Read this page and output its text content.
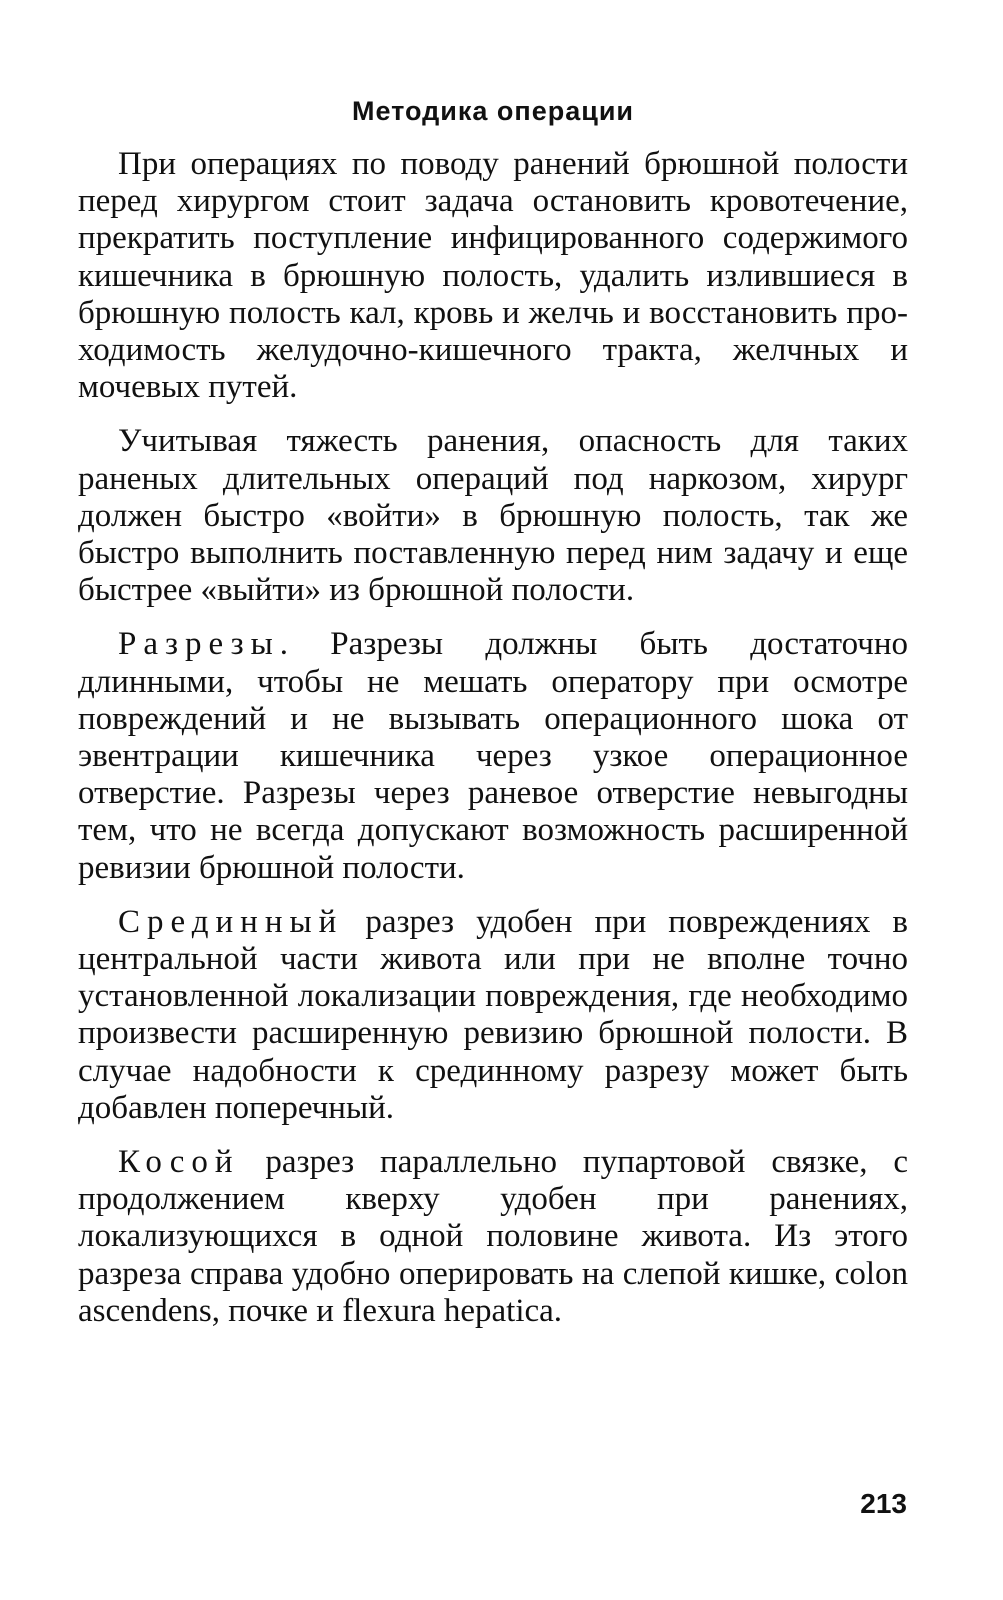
Методика операции

При операциях по поводу ранений брюшной полости перед хирургом стоит задача остановить кровотечение, прекратить поступление инфицированного содержимого кишечника в брюшную полость, удалить излившиеся в брюшную полость кал, кровь и желчь и восстановить проходимость желудочно-кишечного тракта, желчных и мочевых путей.

Учитывая тяжесть ранения, опасность для таких раненых длительных операций под наркозом, хирург должен быстро «войти» в брюшную полость, так же быстро выполнить поставленную перед ним задачу и еще быстрее «выйти» из брюшной полости.

Разрезы. Разрезы должны быть достаточно длинными, чтобы не мешать оператору при осмотре повреждений и не вызывать операционного шока от эвентрации кишечника через узкое операционное отверстие. Разрезы через раневое отверстие невыгодны тем, что не всегда допускают возможность расширенной ревизии брюшной полости.

Срединный разрез удобен при повреждениях в центральной части живота или при не вполне точно установленной локализации повреждения, где необходимо произвести расширенную ревизию брюшной полости. В случае надобности к срединному разрезу может быть добавлен поперечный.

Косой разрез параллельно пупартовой связке, с продолжением кверху удобен при ранениях, локализующихся в одной половине живота. Из этого разреза справа удобно оперировать на слепой кишке, colon ascendens, почке и flexura hepatica.

213
